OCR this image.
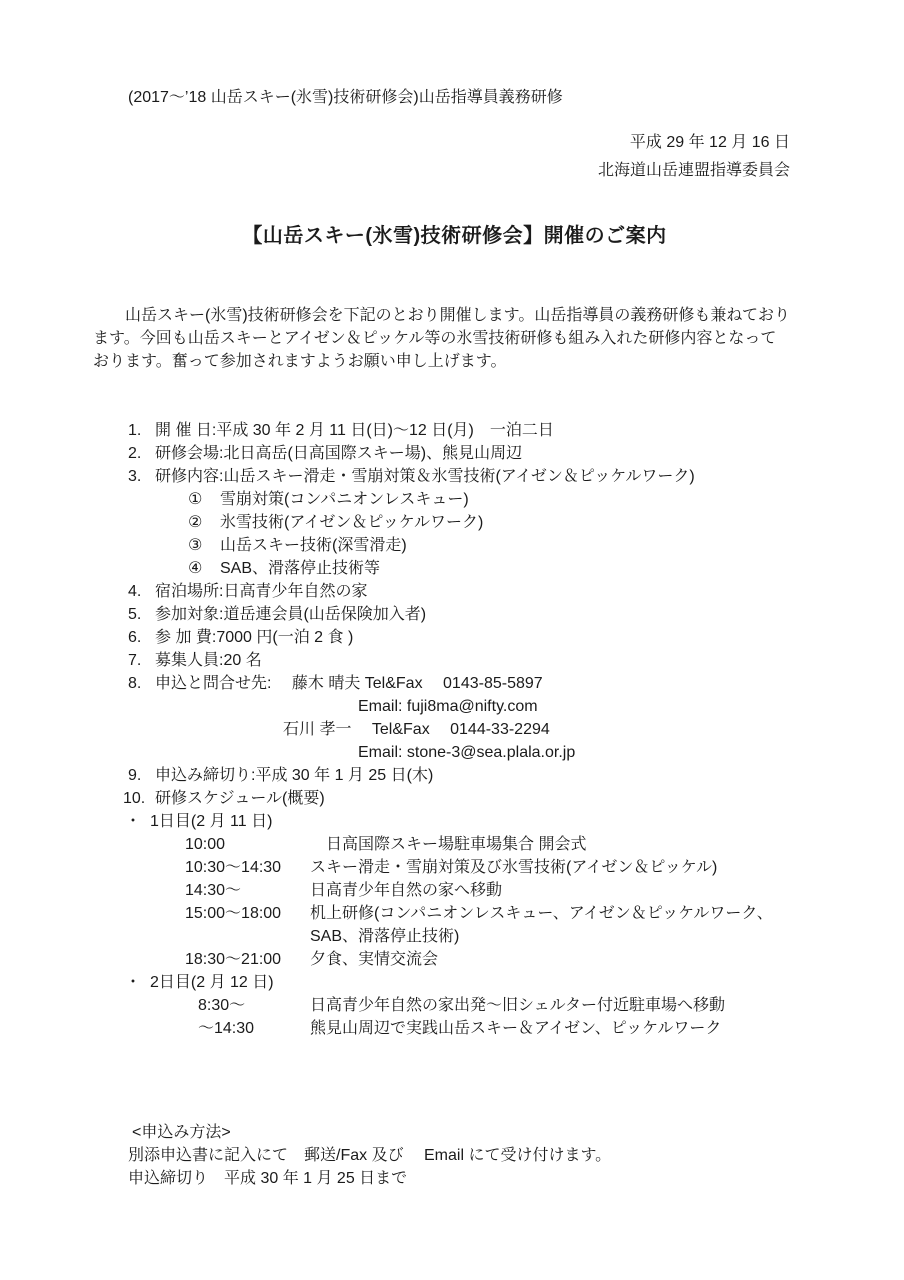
(2017～’18 山岳スキー(氷雪)技術研修会)山岳指導員義務研修
平成 29 年 12 月 16 日
北海道山岳連盟指導委員会
【山岳スキー(氷雪)技術研修会】開催のご案内
　　山岳スキー(氷雪)技術研修会を下記のとおり開催します。山岳指導員の義務研修も兼ねており
ます。今回も山岳スキーとアイゼン＆ピッケル等の氷雪技術研修も組み入れた研修内容となって
おります。奮って参加されますようお願い申し上げます。
1. 開 催 日:平成 30 年 2 月 11 日(日)～12 日(月)　一泊二日
2. 研修会場:北日高岳(日高国際スキー場)、熊見山周辺
3. 研修内容:山岳スキー滑走・雪崩対策＆氷雪技術(アイゼン＆ピッケルワーク)
①	雪崩対策(コンパニオンレスキュー)
②	氷雪技術(アイゼン＆ピッケルワーク)
③	山岳スキー技術(深雪滑走)
④	SAB、滑落停止技術等
4. 宿泊場所:日高青少年自然の家
5. 参加対象:道岳連会員(山岳保険加入者)
6. 参 加 費:7000 円(一泊 2 食 )
7. 募集人員:20 名
8. 申込と問合せ先:　 藤木 晴夫 Tel&Fax　 0143-85-5897
Email: fuji8ma@nifty.com
石川 孝一　 Tel&Fax　 0144-33-2294
Email: stone-3@sea.plala.or.jp
9. 申込み締切り:平成 30 年 1 月 25 日(木)
10. 研修スケジュール(概要)
・ 1日目(2 月 11 日)
10:00	　日高国際スキー場駐車場集合 開会式
10:30～14:30	スキー滑走・雪崩対策及び氷雪技術(アイゼン＆ピッケル)
14:30～	日高青少年自然の家へ移動
15:00～18:00	机上研修(コンパニオンレスキュー、アイゼン＆ピッケルワーク、
SAB、滑落停止技術)
18:30～21:00	夕食、実情交流会
・ 2日目(2 月 12 日)
8:30～	日高青少年自然の家出発～旧シェルター付近駐車場へ移動
～14:30	熊見山周辺で実践山岳スキー＆アイゼン、ピッケルワーク
<申込み方法>
別添申込書に記入にて　郵送/Fax 及び　 Email にて受け付けます。
申込締切り　平成 30 年 1 月 25 日まで
